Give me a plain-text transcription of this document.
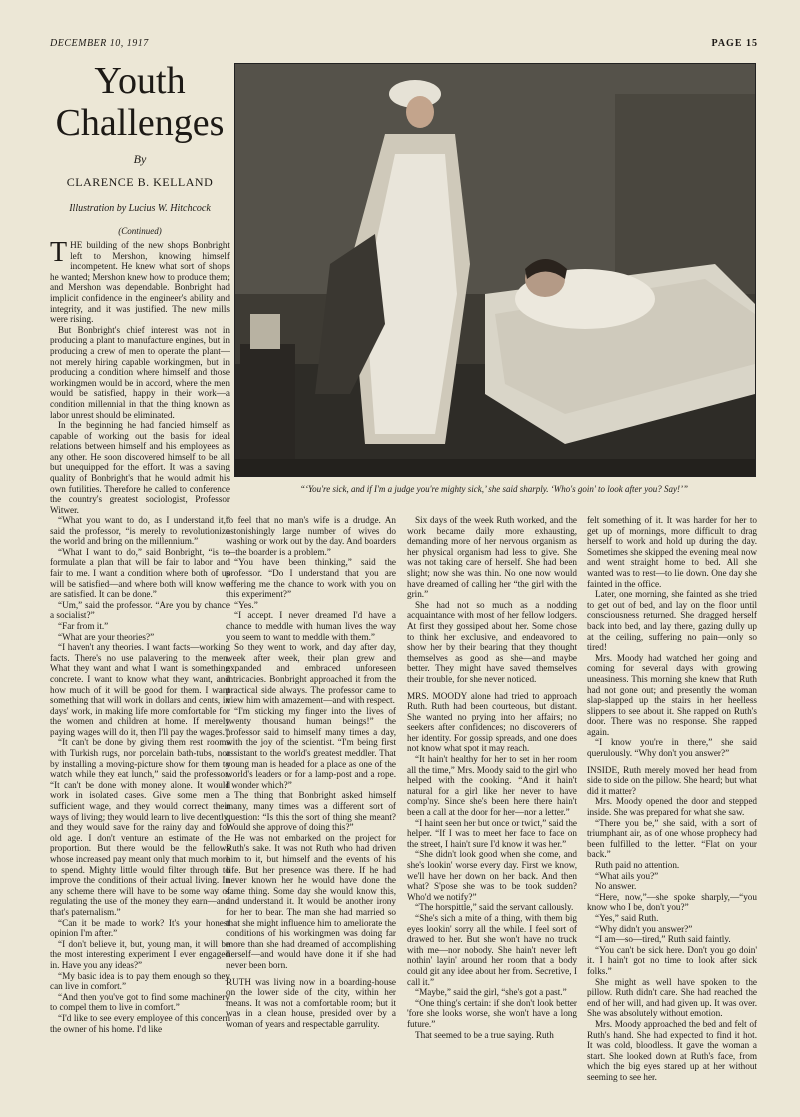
DECEMBER 10, 1917	PAGE 15
Youth
Challenges
By
CLARENCE B. KELLAND
Illustration by Lucius W. Hitchcock
(Continued)
“‘You're sick, and if I'm a judge you're mighty sick,’ she said sharply. ‘Who's goin' to look after you? Say!’”

THE building of the new shops Bonbright left to Mershon, knowing himself incompetent. He knew what sort of shops he wanted; Mershon knew how to produce them; and Mershon was dependable. Bonbright had implicit confidence in the engineer's ability and integrity, and it was justified. The new mills were rising.

But Bonbright's chief interest was not in producing a plant to manufacture engines, but in producing a crew of men to operate the plant—not merely hiring capable workingmen, but in producing a condition where himself and those workingmen would be in accord, where the men would be satisfied, happy in their work—a condition millennial in that the thing known as labor unrest should be eliminated.

In the beginning he had fancied himself as capable of working out the basis for ideal relations between himself and his employees as any other. He soon discovered himself to be all but unequipped for the effort. It was a saving quality of Bonbright's that he would admit his own futilities. Therefore he called to conference the country's greatest sociologist, Professor Witwer.

“What you want to do, as I understand it,” said the professor, “is merely to revolutionize the world and bring on the millennium.”

“What I want to do,” said Bonbright, “is to formulate a plan that will be fair to labor and fair to me. I want a condition where both of us will be satisfied—and where both will know we are satisfied. It can be done.”

“Um,” said the professor. “Are you by chance a socialist?”

“Far from it.”

“What are your theories?”

“I haven't any theories. I want facts—working facts. There's no use palavering to the men. What they want and what I want is something concrete. I want to know what they want, and how much of it will be good for them. I want something that will work in dollars and cents, in days' work, in making life more comfortable for the women and children at home. If merely paying wages will do it, then I'll pay the wages.”

“It can't be done by giving them rest rooms with Turkish rugs, nor porcelain bath-tubs, nor by installing a moving-picture show for them to watch while they eat lunch,” said the professor. “It can't be done with money alone. It would work in isolated cases. Give some men a sufficient wage, and they would correct their ways of living; they would learn to live decently, and they would save for the rainy day and for old age. I don't venture an estimate of the proportion. But there would be the fellows whose increased pay meant only that much more to spend. Mighty little would filter through to improve the conditions of their actual living. In any scheme there will have to be some way of regulating the use of the money they earn—and that's paternalism.”

“Can it be made to work? It's your honest opinion I'm after.”

“I don't believe it, but, young man, it will be the most interesting experiment I ever engaged in. Have you any ideas?”

“My basic idea is to pay them enough so they can live in comfort.”

“And then you've got to find some machinery to compel them to live in comfort.”

“I'd like to see every employee of this concern the owner of his home. I'd like

to feel that no man's wife is a drudge. An astonishingly large number of wives do washing or work out by the day. And boarders—the boarder is a problem.”

“You have been thinking,” said the professor. “Do I understand that you are offering me the chance to work with you on this experiment?”

“Yes.”

“I accept. I never dreamed I'd have a chance to meddle with human lives the way you seem to want to meddle with them.”

So they went to work, and day after day, week after week, their plan grew and expanded and embraced unforeseen intricacies. Bonbright approached it from the practical side always. The professor came to view him with amazement—and with respect.

“I'm sticking my finger into the lives of twenty thousand human beings!” the professor said to himself many times a day, with the joy of the scientist. “I'm being first assistant to the world's greatest meddler. That young man is headed for a place as one of the world's leaders or for a lamp-post and a rope. I wonder which?”

The thing that Bonbright asked himself many, many times was a different sort of question: “Is this the sort of thing she meant? Would she approve of doing this?”

He was not embarked on the project for Ruth's sake. It was not Ruth who had driven him to it, but himself and the events of his life. But her presence was there. If he had never known her he would have done the same thing. Some day she would know this, and understand it. It would be another irony for her to bear. The man she had married so that she might influence him to ameliorate the conditions of his workingmen was doing far more than she had dreamed of accomplishing herself—and would have done it if she had never been born.

RUTH was living now in a boarding-house on the lower side of the city, within her means. It was not a comfortable room; but it was in a clean house, presided over by a woman of years and respectable garrulity.

Six days of the week Ruth worked, and the work became daily more exhausting, demanding more of her nervous organism as her physical organism had less to give. She was not taking care of herself. She had been slight; now she was thin. No one now would have dreamed of calling her “the girl with the grin.”

She had not so much as a nodding acquaintance with most of her fellow lodgers. At first they gossiped about her. Some chose to think her exclusive, and endeavored to show her by their bearing that they thought themselves as good as she—and maybe better. They might have saved themselves their trouble, for she never noticed.

MRS. MOODY alone had tried to approach Ruth. Ruth had been courteous, but distant. She wanted no prying into her affairs; no seekers after confidences; no discoverers of her identity. For gossip spreads, and one does not know what spot it may reach.

“It hain't healthy for her to set in her room all the time,” Mrs. Moody said to the girl who helped with the cooking. “And it hain't natural for a girl like her never to have comp'ny. Since she's been here there hain't been a call at the door for her—nor a letter.”

“I haint seen her but once or twict,” said the helper. “If I was to meet her face to face on the street, I hain't sure I'd know it was her.”

“She didn't look good when she come, and she's lookin' worse every day. First we know, we'll have her down on her back. And then what? S'pose she was to be took sudden? Who'd we notify?”

“The horspittle,” said the servant callously.

“She's sich a mite of a thing, with them big eyes lookin' sorry all the while. I feel sort of drawed to her. But she won't have no truck with me—nor nobody. She hain't never left nothin' layin' around her room that a body could git any idee about her from. Secretive, I call it.”

“Maybe,” said the girl, “she's got a past.”

“One thing's certain: if she don't look better 'fore she looks worse, she won't have a long future.”

That seemed to be a true saying. Ruth

felt something of it. It was harder for her to get up of mornings, more difficult to drag herself to work and hold up during the day. Sometimes she skipped the evening meal now and went straight home to bed. All she wanted was to rest—to lie down. One day she fainted in the office.

Later, one morning, she fainted as she tried to get out of bed, and lay on the floor until consciousness returned. She dragged herself back into bed, and lay there, gazing dully up at the ceiling, suffering no pain—only so tired!

Mrs. Moody had watched her going and coming for several days with growing uneasiness. This morning she knew that Ruth had not gone out; and presently the woman slap-slapped up the stairs in her heelless slippers to see about it. She rapped on Ruth's door. There was no response. She rapped again.

“I know you're in there,” she said querulously. “Why don't you answer?”

INSIDE, Ruth merely moved her head from side to side on the pillow. She heard; but what did it matter?

Mrs. Moody opened the door and stepped inside. She was prepared for what she saw.

“There you be,” she said, with a sort of triumphant air, as of one whose prophecy had been fulfilled to the letter. “Flat on your back.”

Ruth paid no attention.

“What ails you?”

No answer.

“Here, now,”—she spoke sharply,—“you know who I be, don't you?”

“Yes,” said Ruth.

“Why didn't you answer?”

“I am—so—tired,” Ruth said faintly.

“You can't be sick here. Don't you go doin' it. I hain't got no time to look after sick folks.”

She might as well have spoken to the pillow. Ruth didn't care. She had reached the end of her will, and had given up. It was over. She was absolutely without emotion.

Mrs. Moody approached the bed and felt of Ruth's hand. She had expected to find it hot. It was cold, bloodless. It gave the woman a start. She looked down at Ruth's face, from which the big eyes stared up at her without seeming to see her.
